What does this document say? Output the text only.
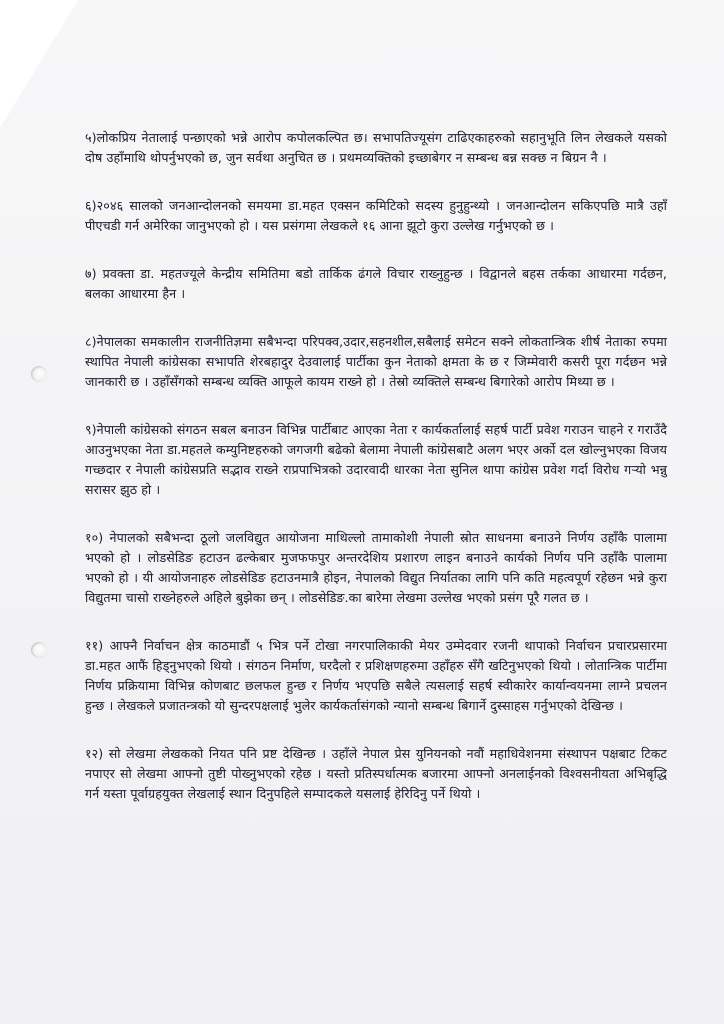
५)लोकप्रिय नेतालाई पन्छाएको भन्ने आरोप कपोलकल्पित छ। सभापतिज्यूसंग टाढिएकाहरुको सहानुभूति लिन लेखकले यसको दोष उहाँमाथि थोपर्नुभएको छ, जुन सर्वथा अनुचित छ । प्रथमव्यक्तिको इच्छाबेगर न सम्बन्ध बन्न सक्छ न बिग्रन नै ।

६)२०४६ सालको जनआन्दोलनको समयमा डा.महत एक्सन कमिटिको सदस्य हुनुहुन्थ्यो । जनआन्दोलन सकिएपछि मात्रै उहाँ पीएचडी गर्न अमेरिका जानुभएको हो । यस प्रसंगमा लेखकले १६ आना झूटो कुरा उल्लेख गर्नुभएको छ ।

७) प्रवक्ता डा. महतज्यूले केन्द्रीय समितिमा बडो तार्किक ढंगले विचार राख्नुहुन्छ । विद्वानले बहस तर्कका आधारमा गर्दछन, बलका आधारमा हैन ।

८)नेपालका समकालीन राजनीतिज्ञमा सबैभन्दा परिपक्व,उदार,सहनशील,सबैलाई समेटन सक्ने लोकतान्त्रिक शीर्ष नेताका रुपमा स्थापित नेपाली कांग्रेसका सभापति शेरबहादुर देउवालाई पार्टीका कुन नेताको क्षमता के छ र जिम्मेवारी कसरी पूरा गर्दछन भन्ने जानकारी छ । उहाँसँगको सम्बन्ध व्यक्ति आफूले कायम राख्ने हो । तेस्रो व्यक्तिले सम्बन्ध बिगारेको आरोप मिथ्या छ ।

९)नेपाली कांग्रेसको संगठन सबल बनाउन विभिन्न पार्टीबाट आएका नेता र कार्यकर्तालाई सहर्ष पार्टी प्रवेश गराउन चाहने र गराउँदै आउनुभएका नेता डा.महतले कम्युनिष्टहरुको जगजगी बढेको बेलामा नेपाली कांग्रेसबाटै अलग भएर अर्को दल खोल्नुभएका विजय गच्छदार र नेपाली कांग्रेसप्रति सद्भाव राख्ने राप्रपाभित्रको उदारवादी धारका नेता सुनिल थापा कांग्रेस प्रवेश गर्दा विरोध गर्‍यो भन्नु सरासर झुठ हो ।

१०) नेपालको सबैभन्दा ठूलो जलविद्युत आयोजना माथिल्लो तामाकोशी नेपाली स्रोत साधनमा बनाउने निर्णय उहाँकै पालामा भएको हो । लोडसेडिङ हटाउन ढल्केबार मुजफफपुर अन्तरदेशिय प्रशारण लाइन बनाउने कार्यको निर्णय पनि उहाँकै पालामा भएको हो । यी आयोजनाहरु लोडसेडिङ हटाउनमात्रै होइन, नेपालको विद्युत निर्यातका लागि पनि कति महत्वपूर्ण रहेछन भन्ने कुरा विद्युतमा चासो राख्नेहरुले अहिले बुझेका छन् । लोडसेडिङ.का बारेमा लेखमा उल्लेख भएको प्रसंग पूरै गलत छ ।

११) आफ्नै निर्वाचन क्षेत्र काठमाडौं ५ भित्र पर्ने टोखा नगरपालिकाकी मेयर उम्मेदवार रजनी थापाको निर्वाचन प्रचारप्रसारमा डा.महत आफैं हिड्नुभएको थियो । संगठन निर्माण, घरदैलो र प्रशिक्षणहरुमा उहाँहरु सँगै खटिनुभएको थियो । लोतान्त्रिक पार्टीमा निर्णय प्रक्रियामा विभिन्न कोणबाट छलफल हुन्छ र निर्णय भएपछि सबैले त्यसलाई सहर्ष स्वीकारेर कार्यान्वयनमा लाग्ने प्रचलन हुन्छ । लेखकले प्रजातन्त्रको यो सुन्दरपक्षलाई भुलेर कार्यकर्तासंगको न्यानो सम्बन्ध बिगार्ने दुस्साहस गर्नुभएको देखिन्छ ।

१२) सो लेखमा लेखकको नियत पनि प्रष्ट देखिन्छ । उहाँले नेपाल प्रेस युनियनको नवौं महाधिवेशनमा संस्थापन पक्षबाट टिकट नपाएर सो लेखमा आफ्नो तुष्टी पोख्नुभएको रहेछ । यस्तो प्रतिस्पर्धात्मक बजारमा आफ्नो अनलाईनको विश्वसनीयता अभिबृद्धि गर्न यस्ता पूर्वाग्रहयुक्त लेखलाई स्थान दिनुपहिले सम्पादकले यसलाई हेरिदिनु पर्ने थियो ।
